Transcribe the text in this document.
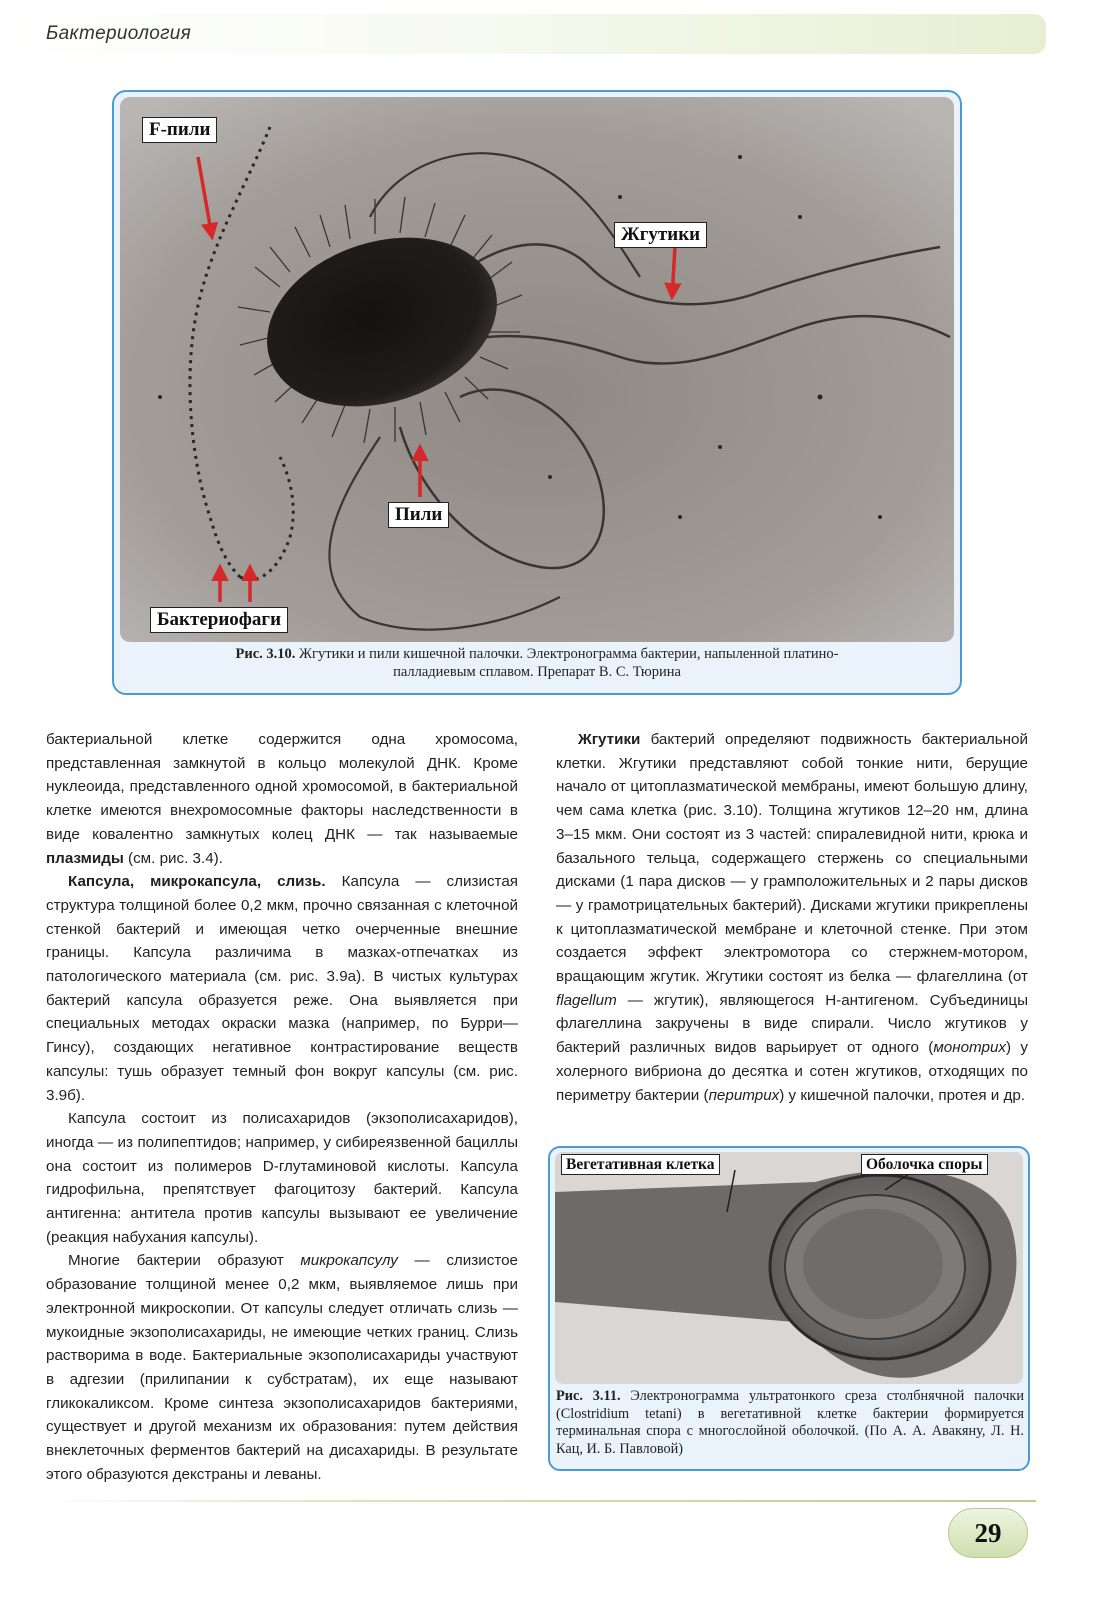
Бактериология
F-пили
Жгутики
Пили
Бактериофаги
Рис. 3.10. Жгутики и пили кишечной палочки. Электронограмма бактерии, напыленной платино-
палладиевым сплавом. Препарат В. С. Тюрина

бактериальной клетке содержится одна хромосома, представленная замкнутой в кольцо молекулой ДНК. Кроме нуклеоида, представленного одной хромосомой, в бактериальной клетке имеются внехромосомные факторы наследственности в виде ковалентно замкнутых колец ДНК — так называемые плазмиды (см. рис. 3.4).

Капсула, микрокапсула, слизь. Капсула — слизистая структура толщиной более 0,2 мкм, прочно связанная с клеточной стенкой бактерий и имеющая четко очерченные внешние границы. Капсула различима в мазках-отпечатках из патологического материала (см. рис. 3.9а). В чистых культурах бактерий капсула образуется реже. Она выявляется при специальных методах окраски мазка (например, по Бурри—Гинсу), создающих негативное контрастирование веществ капсулы: тушь образует темный фон вокруг капсулы (см. рис. 3.9б).

Капсула состоит из полисахаридов (экзополисахаридов), иногда — из полипептидов; например, у сибиреязвенной бациллы она состоит из полимеров D-глутаминовой кислоты. Капсула гидрофильна, препятствует фагоцитозу бактерий. Капсула антигенна: антитела против капсулы вызывают ее увеличение (реакция набухания капсулы).

Многие бактерии образуют микрокапсулу — слизистое образование толщиной менее 0,2 мкм, выявляемое лишь при электронной микроскопии. От капсулы следует отличать слизь — мукоидные экзополисахариды, не имеющие четких границ. Слизь растворима в воде. Бактериальные экзополисахариды участвуют в адгезии (прилипании к субстратам), их еще называют гликокаликсом. Кроме синтеза экзополисахаридов бактериями, существует и другой механизм их образования: путем действия внеклеточных ферментов бактерий на дисахариды. В результате этого образуются декстраны и леваны.

Жгутики бактерий определяют подвижность бактериальной клетки. Жгутики представляют собой тонкие нити, берущие начало от цитоплазматической мембраны, имеют большую длину, чем сама клетка (рис. 3.10). Толщина жгутиков 12–20 нм, длина 3–15 мкм. Они состоят из 3 частей: спиралевидной нити, крюка и базального тельца, содержащего стержень со специальными дисками (1 пара дисков — у грамположительных и 2 пары дисков — у грамотрицательных бактерий). Дисками жгутики прикреплены к цитоплазматической мембране и клеточной стенке. При этом создается эффект электромотора со стержнем-мотором, вращающим жгутик. Жгутики состоят из белка — флагеллина (от flagellum — жгутик), являющегося Н-антигеном. Субъединицы флагеллина закручены в виде спирали. Число жгутиков у бактерий различных видов варьирует от одного (монотрих) у холерного вибриона до десятка и сотен жгутиков, отходящих по периметру бактерии (перитрих) у кишечной палочки, протея и др.

Вегетативная клетка	Оболочка споры
Рис. 3.11. Электронограмма ультратонкого среза столбнячной палочки (Clostridium tetani) в вегетативной клетке бактерии формируется терминальная спора с многослойной оболочкой. (По А. А. Авакяну, Л. Н. Кац, И. Б. Павловой)
29
